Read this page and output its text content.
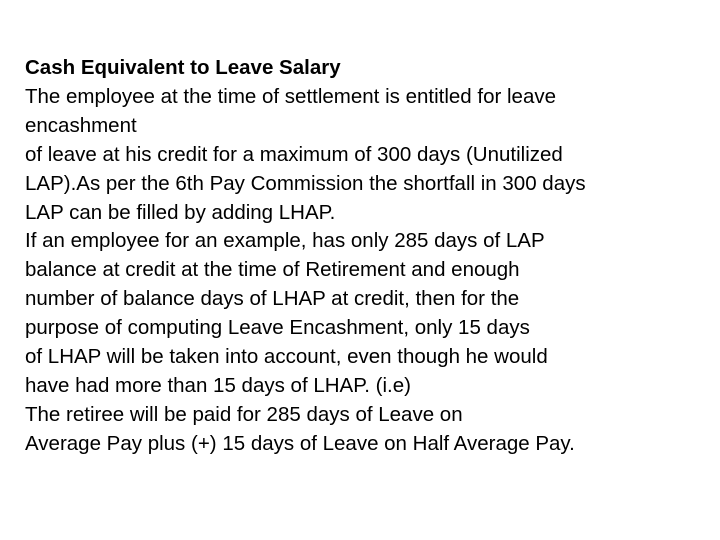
Cash Equivalent to Leave Salary
The employee at the time of settlement is entitled for leave
encashment
of leave at his credit for a maximum of 300 days (Unutilized
LAP).As per the 6th Pay Commission the shortfall in 300 days
LAP can be filled by adding LHAP.
If an employee for an example, has only 285 days of LAP
balance at credit at the time of Retirement and enough
number of balance days of LHAP at credit, then for the
purpose of computing Leave Encashment, only 15 days
of LHAP will be taken into account, even though he would
have had more than 15 days of LHAP. (i.e)
The retiree will be paid for 285 days of Leave on
Average Pay plus (+) 15 days of Leave on Half Average Pay.
